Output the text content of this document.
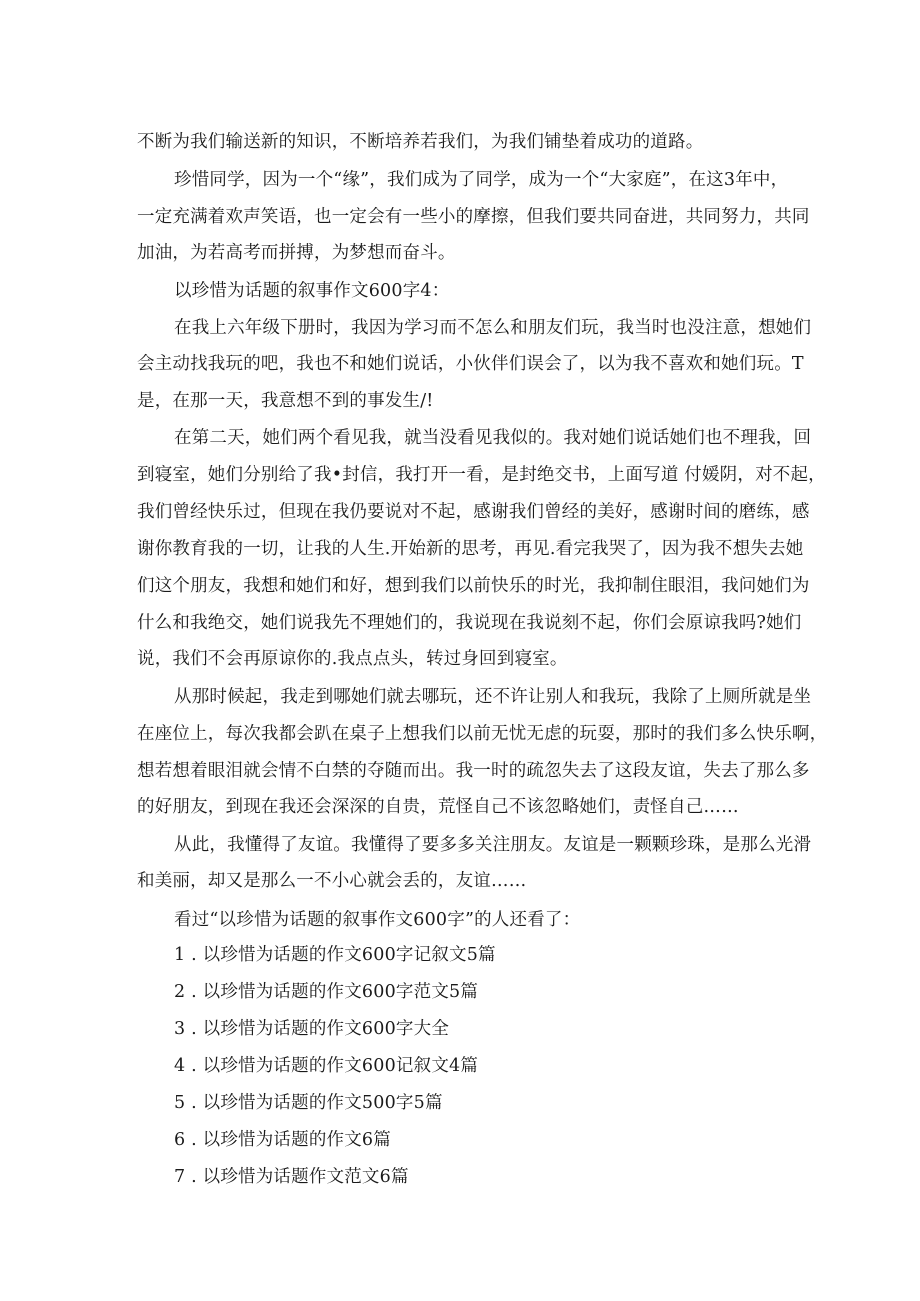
不断为我们输送新的知识，不断培养若我们，为我们铺垫着成功的道路。
珍惜同学，因为一个“缘”，我们成为了同学，成为一个“大家庭”，在这3年中，
一定充满着欢声笑语，也一定会有一些小的摩擦，但我们要共同奋进，共同努力，共同
加油，为若高考而拼搏，为梦想而奋斗。
以珍惜为话题的叙事作文600字4：
在我上六年级下册时，我因为学习而不怎么和朋友们玩，我当时也没注意，想她们
会主动找我玩的吧，我也不和她们说话，小伙伴们误会了，以为我不喜欢和她们玩。T
是，在那一天，我意想不到的事发生/!
在第二天，她们两个看见我，就当没看见我似的。我对她们说话她们也不理我，回
到寝室，她们分别给了我•封信，我打开一看，是封绝交书，上面写道 付媛阴，对不起，
我们曾经快乐过，但现在我仍要说对不起，感谢我们曾经的美好，感谢时间的磨练，感
谢你教育我的一切，让我的人生.开始新的思考，再见.看完我哭了，因为我不想失去她
们这个朋友，我想和她们和好，想到我们以前快乐的时光，我抑制住眼泪，我问她们为
什么和我绝交，她们说我先不理她们的，我说现在我说刻不起，你们会原谅我吗?她们
说，我们不会再原谅你的.我点点头，转过身回到寝室。
从那时候起，我走到哪她们就去哪玩，还不许让别人和我玩，我除了上厕所就是坐
在座位上，每次我都会趴在桌子上想我们以前无忧无虑的玩耍，那时的我们多么快乐啊，
想若想着眼泪就会情不白禁的夺随而出。我一时的疏忽失去了这段友谊，失去了那么多
的好朋友，到现在我还会深深的自贵，荒怪自己不该忽略她们，责怪自己……
从此，我懂得了友谊。我懂得了要多多关注朋友。友谊是一颗颗珍珠，是那么光滑
和美丽，却又是那么一不小心就会丢的，友谊……
看过“以珍惜为话题的叙事作文600字”的人还看了：
1 . 以珍惜为话题的作文600字记叙文5篇
2 . 以珍惜为话题的作文600字范文5篇
3 . 以珍惜为话题的作文600字大全
4 . 以珍惜为话题的作文600记叙文4篇
5 . 以珍惜为话题的作文500字5篇
6 . 以珍惜为话题的作文6篇
7 . 以珍惜为话题作文范文6篇
